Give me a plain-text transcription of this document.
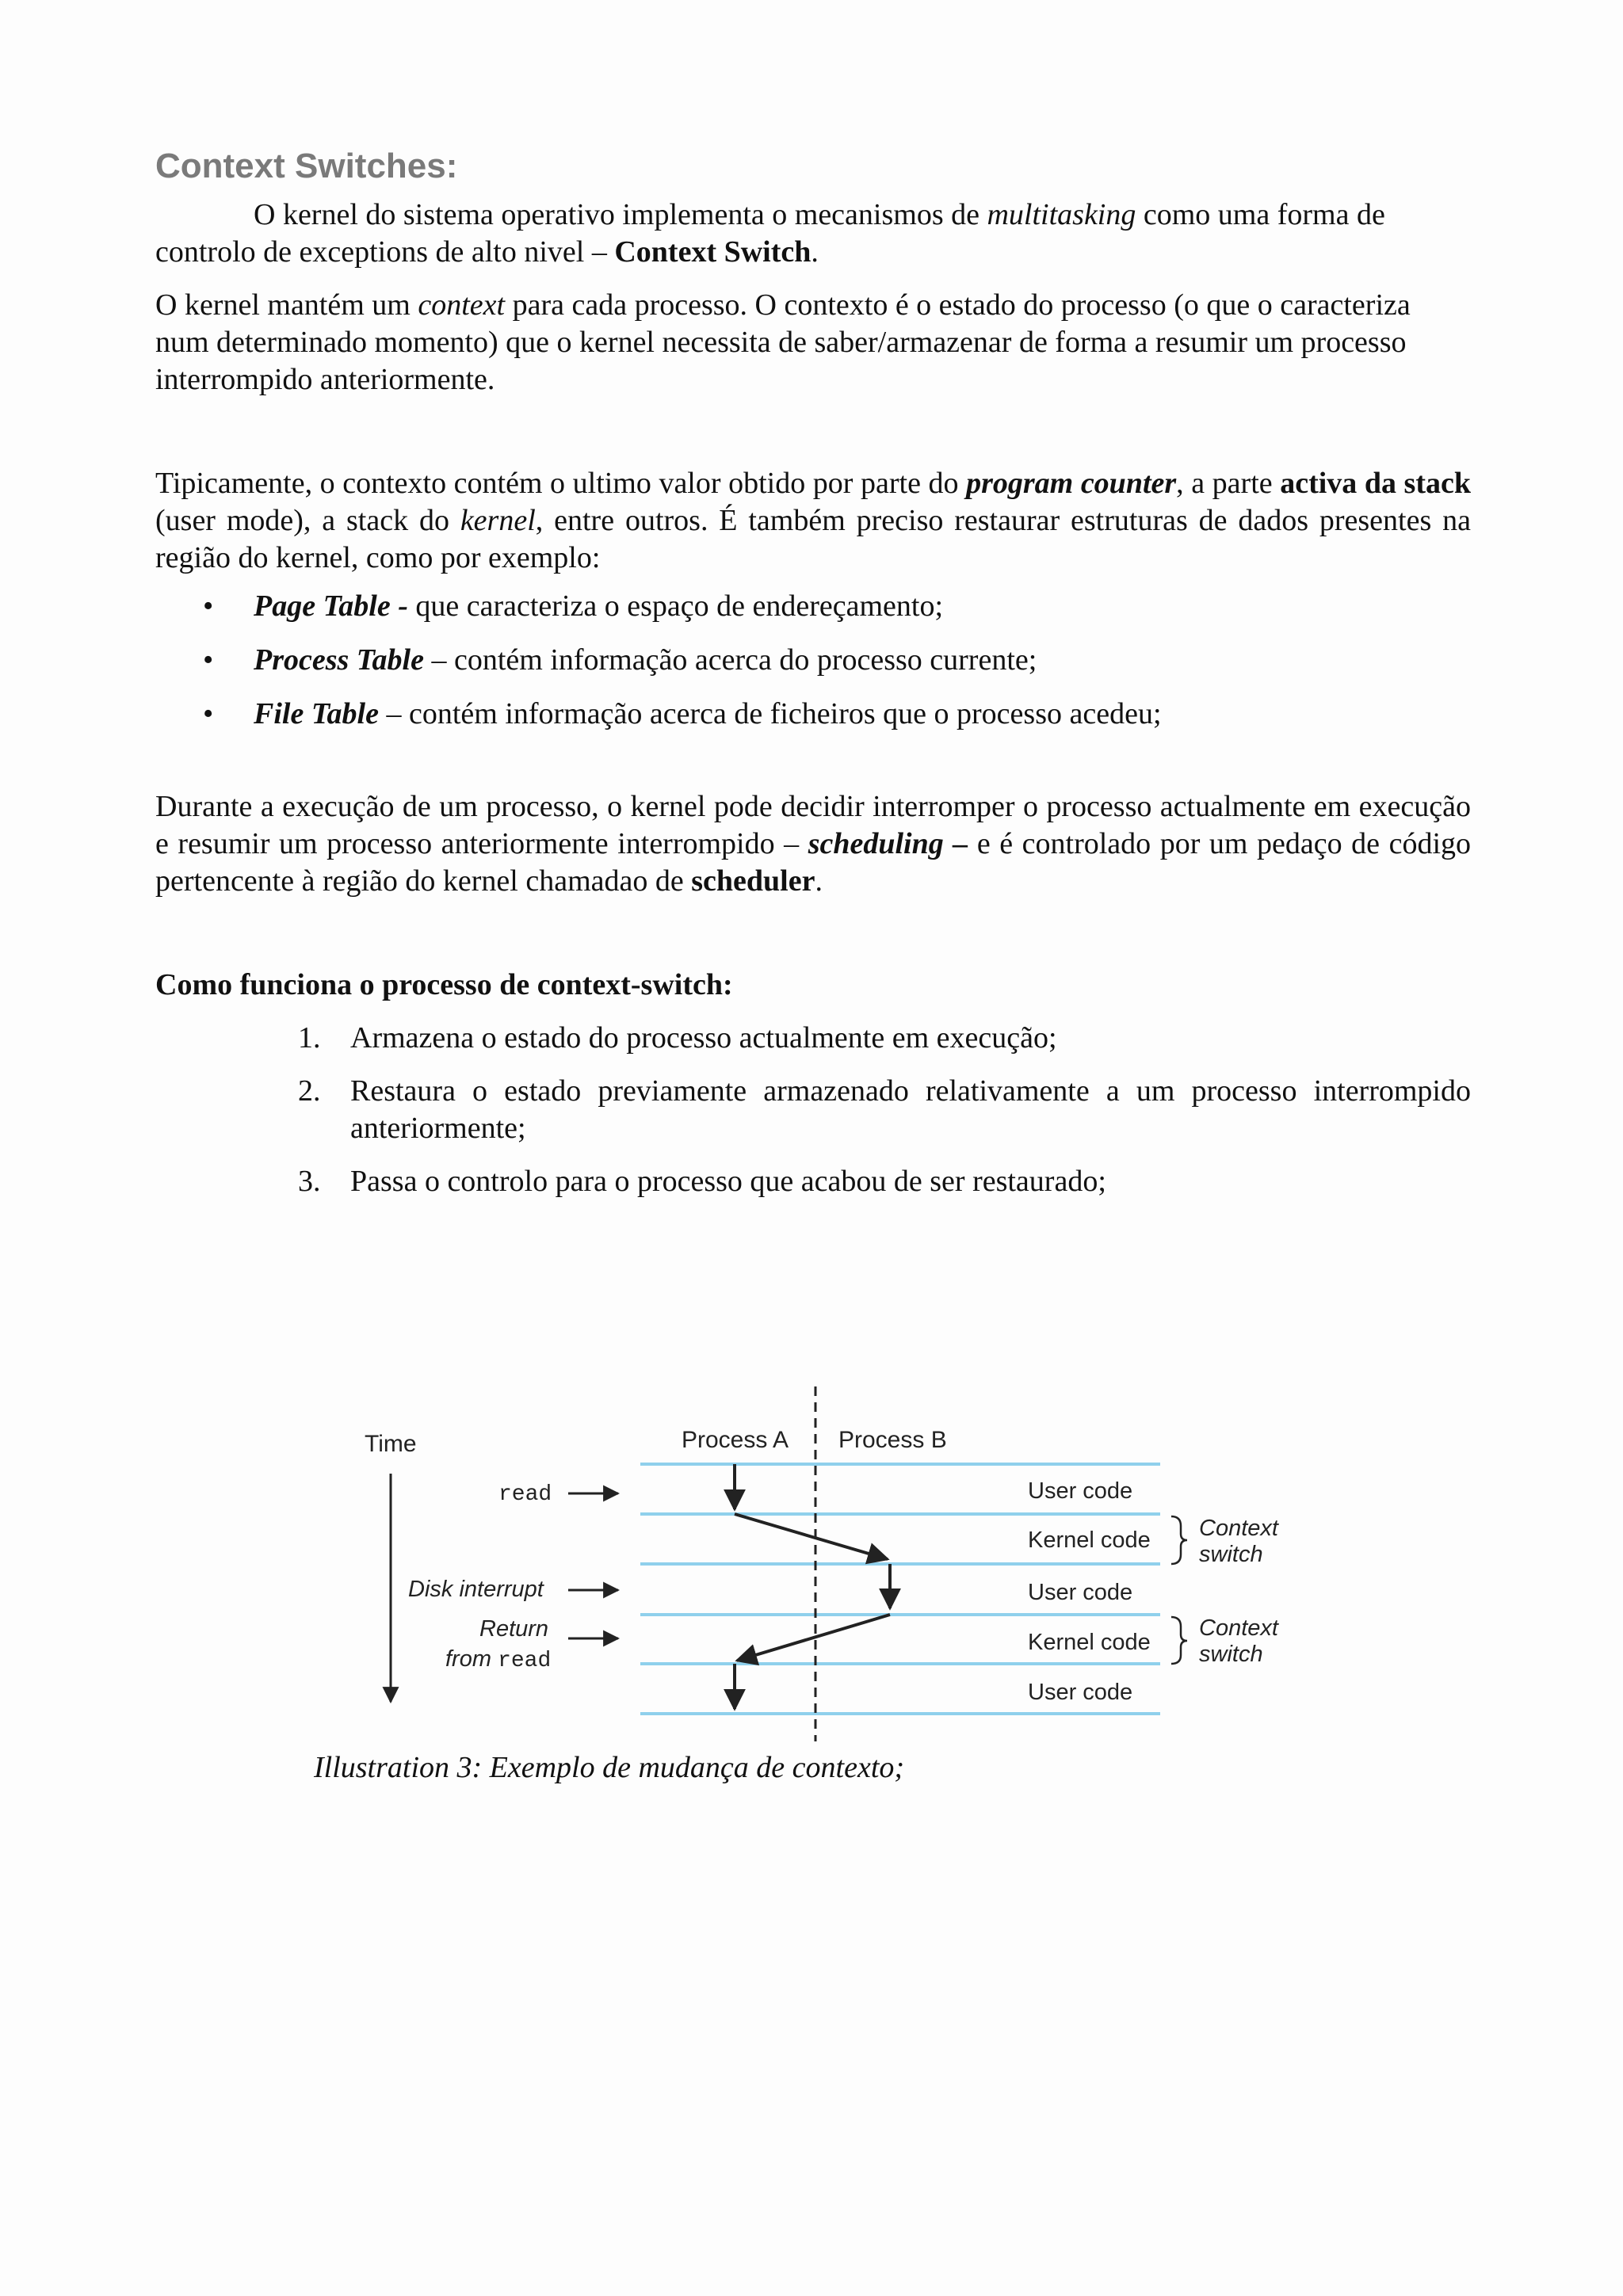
Context Switches:

O kernel do sistema operativo implementa o mecanismos de multitasking como uma forma de controlo de exceptions de alto nivel – Context Switch.

O kernel mantém um context para cada processo. O contexto é o estado do processo (o que o caracteriza num determinado momento) que o kernel necessita de saber/armazenar de forma a resumir um processo interrompido anteriormente.

Tipicamente, o contexto contém o ultimo valor obtido por parte do program counter, a parte activa da stack (user mode), a stack do kernel, entre outros. É também preciso restaurar estruturas de dados presentes na região do kernel, como por exemplo:

• Page Table - que caracteriza o espaço de endereçamento;
• Process Table – contém informação acerca do processo currente;
• File Table – contém informação acerca de ficheiros que o processo acedeu;

Durante a execução de um processo, o kernel pode decidir interromper o processo actualmente em execução e resumir um processo anteriormente interrompido – scheduling – e é controlado por um pedaço de código pertencente à região do kernel chamadao de scheduler.

Como funciona o processo de context-switch:

1. Armazena o estado do processo actualmente em execução;
2. Restaura o estado previamente armazenado relativamente a um processo interrompido anteriormente;
3. Passa o controlo para o processo que acabou de ser restaurado;
Time	Process A Process B
read
Disk interrupt
Return
from read
User code
Kernel code
User code
Kernel code
User code
Context
switch
Context
switch
Illustration 3: Exemplo de mudança de contexto;
